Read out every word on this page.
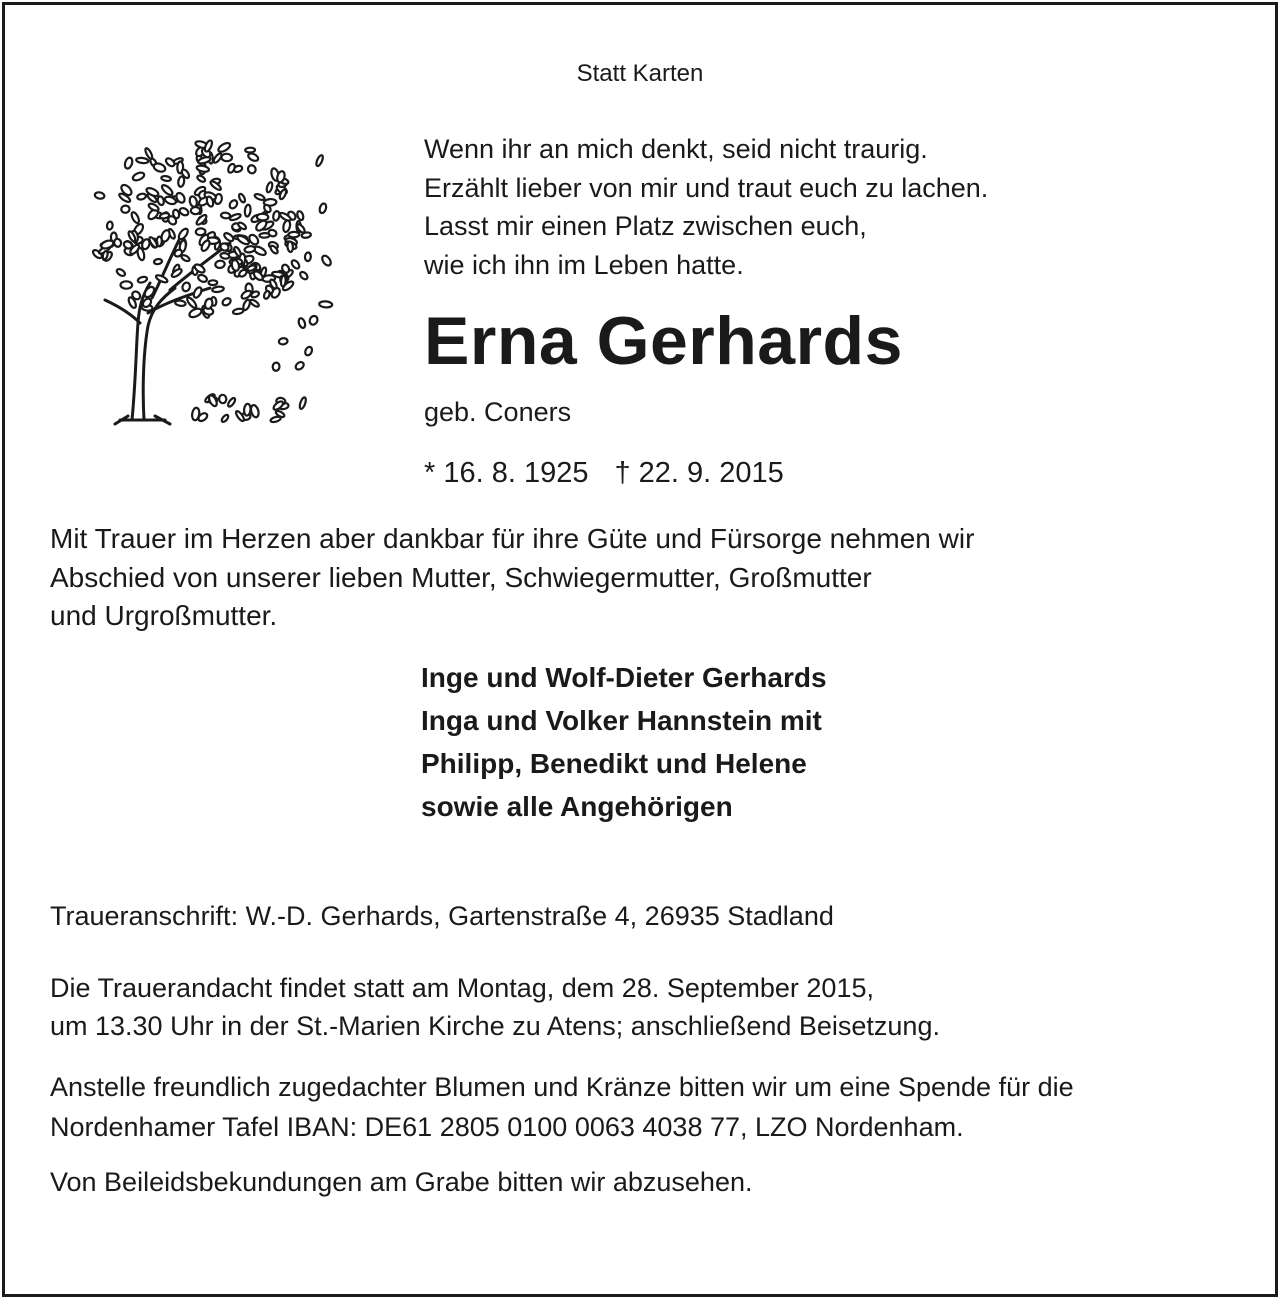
Statt Karten
Wenn ihr an mich denkt, seid nicht traurig.
Erzählt lieber von mir und traut euch zu lachen.
Lasst mir einen Platz zwischen euch,
wie ich ihn im Leben hatte.
Erna Gerhards
geb. Coners
* 16. 8. 1925 † 22. 9. 2015
Mit Trauer im Herzen aber dankbar für ihre Güte und Fürsorge nehmen wir
Abschied von unserer lieben Mutter, Schwiegermutter, Großmutter
und Urgroßmutter.
Inge und Wolf-Dieter Gerhards
Inga und Volker Hannstein mit
Philipp, Benedikt und Helene
sowie alle Angehörigen
Traueranschrift: W.-D. Gerhards, Gartenstraße 4, 26935 Stadland
Die Trauerandacht findet statt am Montag, dem 28. September 2015,
um 13.30 Uhr in der St.-Marien Kirche zu Atens; anschließend Beisetzung.
Anstelle freundlich zugedachter Blumen und Kränze bitten wir um eine Spende für die
Nordenhamer Tafel IBAN: DE61 2805 0100 0063 4038 77, LZO Nordenham.
Von Beileidsbekundungen am Grabe bitten wir abzusehen.
